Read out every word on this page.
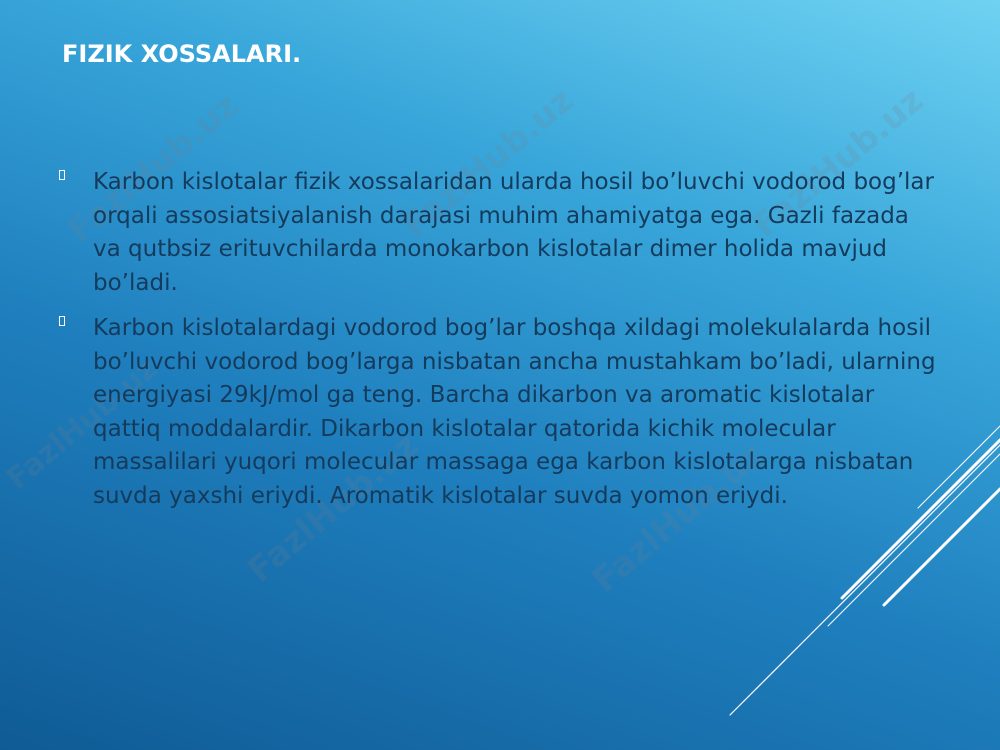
FazlHub.uz	FazlHub.uz	FazlHub.uz
FazlHub.uz
FazlHub.uz	FazlHub.uz
FIZIK XOSSALARI.
Karbon kislotalar fizik xossalaridan ularda hosil bo’luvchi vodorod bog’lar orqali assosiatsiyalanish darajasi muhim ahamiyatga ega. Gazli fazada va qutbsiz erituvchilarda monokarbon kislotalar dimer holida mavjud bo’ladi.
Karbon kislotalardagi vodorod bog’lar boshqa xildagi molekulalarda hosil bo’luvchi vodorod bog’larga nisbatan ancha mustahkam bo’ladi, ularning energiyasi 29kJ/mol ga teng. Barcha dikarbon va aromatic kislotalar qattiq moddalardir. Dikarbon kislotalar qatorida kichik molecular massalilari yuqori molecular massaga ega karbon kislotalarga nisbatan suvda yaxshi eriydi. Aromatik kislotalar suvda yomon eriydi.
